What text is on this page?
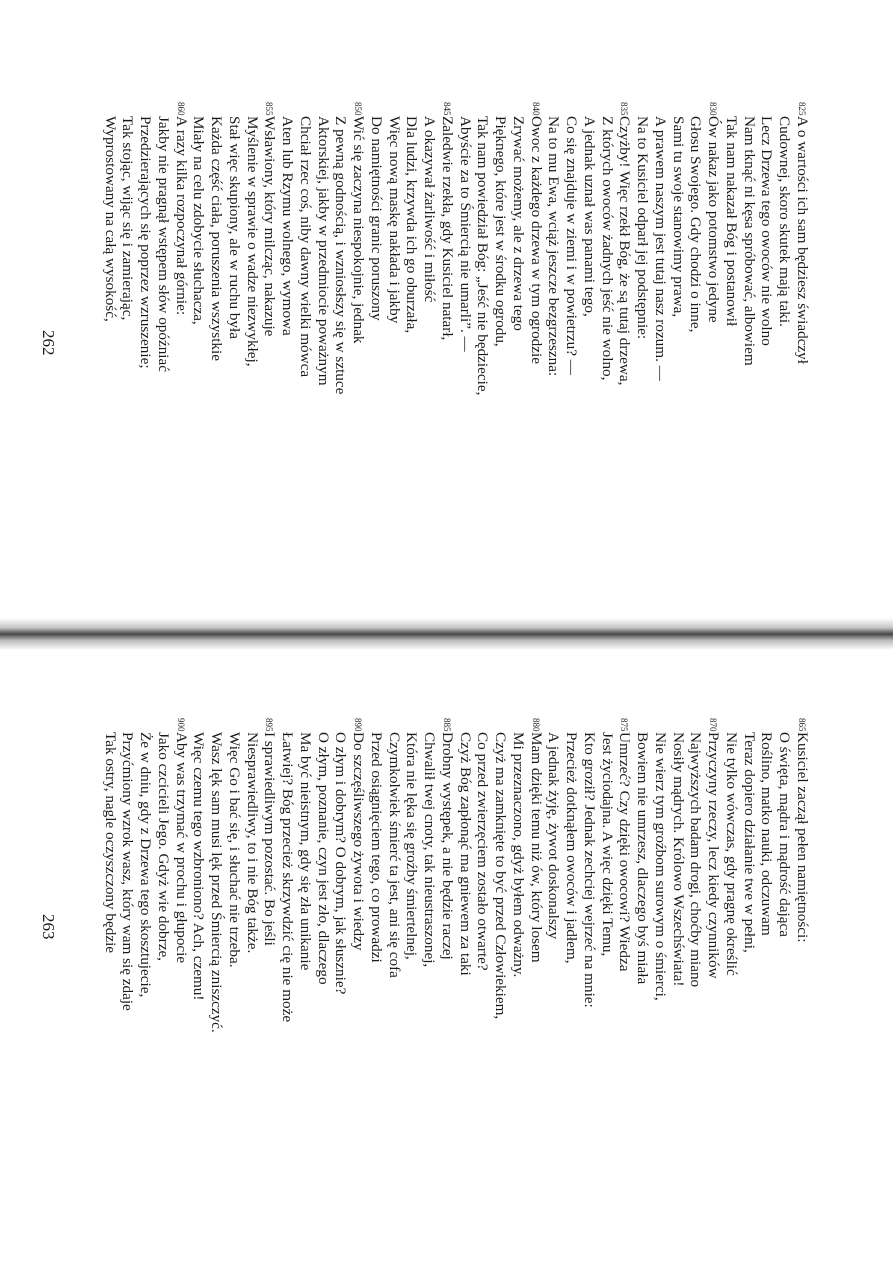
A o wartości ich sam będziesz świadczył
Cudownej, skoro skutek mają taki.
Lecz Drzewa tego owoców nie wolno
Nam tknąć ni kęsa spróbować, albowiem
Tak nam nakazał Bóg i postanowił
Ów nakaz jako potomstwo jedyne
Głosu Swojego. Gdy chodzi o inne,
Sami tu swoje stanowimy prawa,
A prawem naszym jest tutaj nasz rozum. —
Na to Kusiciel odparł jej podstępnie:
Czyżby! Więc rzekł Bóg, że są tutaj drzewa,
Z których owoców żadnych jeść nie wolno,
A jednak uznał was panami tego,
Co się znajduje w ziemi i w powietrzu? —
Na to mu Ewa, wciąż jeszcze bezgrzeszna:
Owoc z każdego drzewa w tym ogrodzie
Zrywać możemy, ale z drzewa tego
Pięknego, które jest w środku ogrodu,
Tak nam powiedział Bóg: „Jeść nie będziecie,
Abyście za to Śmiercią nie umarli”. —
Zaledwie rzekła, gdy Kusiciel natarł,
A okazywał żarliwość i miłość
Dla ludzi, krzywda ich go oburzała,
Więc nową maskę nakłada i jakby
Do namiętności granic poruszony
Wić się zaczyna niespokojnie, jednak
Z pewną godnością, i wzniosłszy się w sztuce
Aktorskiej, jakby w przedmiocie poważnym
Chciał rzec coś, niby dawny wielki mówca
Aten lub Rzymu wolnego, wymowa
Wsławiony, który milcząc, nakazuje
Myślenie w sprawie o wadze niezwykłej,
Stał więc skupiony, ale w ruchu była
Każda część ciała, poruszenia wszystkie
Miały na celu zdobycie słuchacza,
A razy kilka rozpoczynał górnie:
Jakby nie pragnął wstępem słów opóźniać
Przedzierających się poprzez wzruszenie;
Tak stojąc, wijąc się i zamierając,
Wyprostowany na całą wysokość,
825
830
835
840
845
850
855
860
Kusiciel zaczął pełen namiętności:
O święta, mądra i mądrość dająca
Roślino, matko nauki, odczuwam
Teraz dopiero działanie twe w pełni,
Nie tylko wówczas, gdy pragnę określić
Przyczyny rzeczy, lecz kiedy czynników
Najwyższych badam drogi, choćby miano
Nosiły mądrych. Królowo Wszechświata!
Nie wierz tym groźbom surowym o śmierci,
Bowiem nie umrzesz, dlaczego byś miała
Umrzeć? Czy dzięki owocowi? Wiedza
Jest życiodajna. A więc dzięki Temu,
Kto groził? Jednak zechciej wejrzeć na mnie:
Przecież dotknąłem owoców i jadłem,
A jednak żyję, żywot doskonalszy
Mam dzięki temu niż ów, który losem
Mi przeznaczono, gdyż byłem odważny.
Czyż ma zamknięte to być przed Człowiekiem,
Co przed zwierzęciem zostało otwarte?
Czyż Bóg zapłonąć ma gniewem za taki
Drobny występek, a nie będzie raczej
Chwalił twej cnoty, tak nieustraszonej,
Która nie lęka się groźby śmiertelnej,
Czymkolwiek śmierć ta jest, ani się cofa
Przed osiągnięciem tego, co prowadzi
Do szczęśliwszego żywota i wiedzy
O złym i dobrym? O dobrym, jak słusznie?
O złym, poznanie, czyn jest zło, dlaczego
Ma być nieistnym, gdy się zła unikanie
Łatwiej? Bóg przecież skrzywdzić cię nie może
I sprawiedliwym pozostać. Bo jeśli
Niesprawiedliwy, to i nie Bóg także.
Więc Go i bać się, i słuchać nie trzeba.
Wasz lęk sam musi lęk przed Śmiercią zniszczyć.
Więc czemu tego wzbroniono? Ach, czemu!
Aby was trzymać w prochu i głupocie
Jako czcicieli Jego. Gdyż wie dobrze,
Że w dniu, gdy z Drzewa tego skosztujecie,
Przyćmiony wzrok wasz, który wam się zdaje
Tak ostry, nagle oczyszczony będzie
865
870
875
880
885
890
895
900
262
263
